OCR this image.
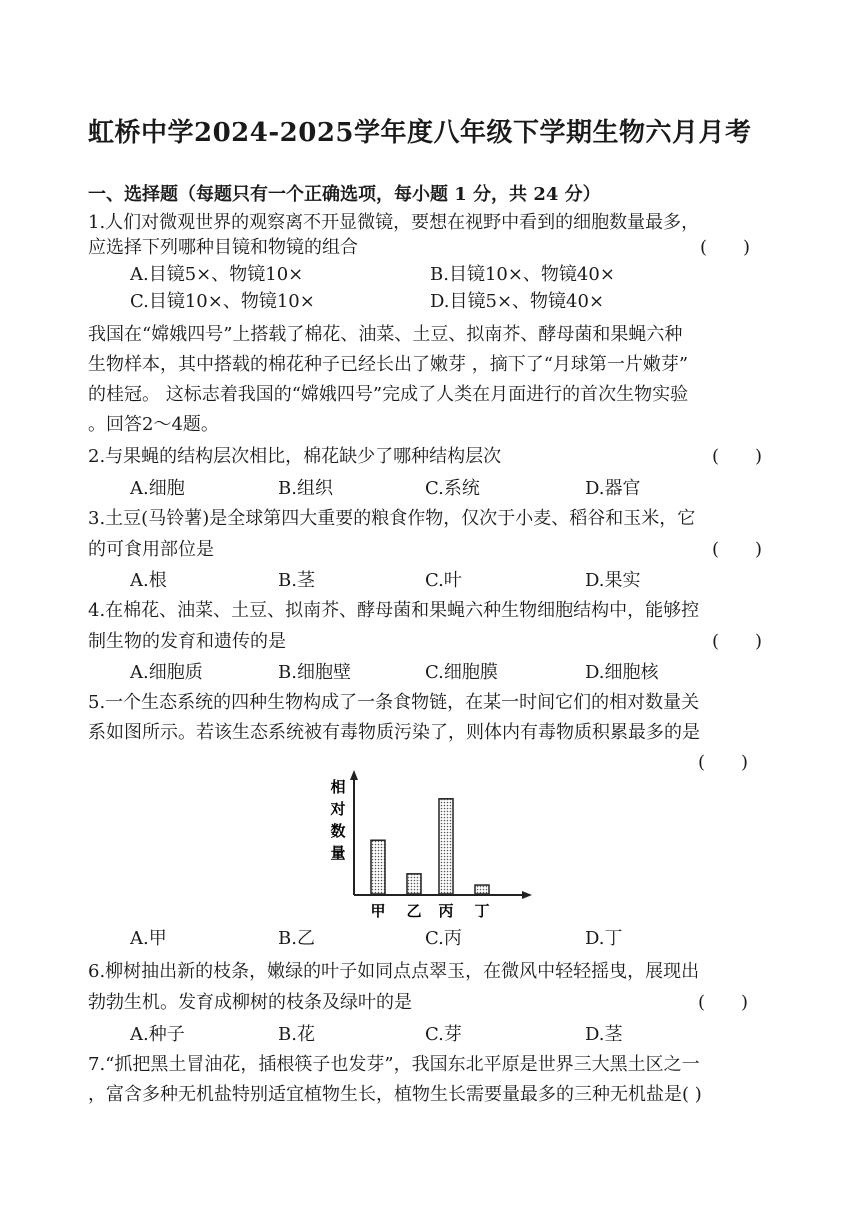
虹桥中学2024-2025学年度八年级下学期生物六月月考
一、选择题（每题只有一个正确选项，每小题 1 分，共 24 分）
1.人们对微观世界的观察离不开显微镜，要想在视野中看到的细胞数量最多，
应选择下列哪种目镜和物镜的组合	(　　)
A.目镜5×、物镜10×	B.目镜10×、物镜40×
C.目镜10×、物镜10×	D.目镜5×、物镜40×
我国在“嫦娥四号”上搭载了棉花、油菜、土豆、拟南芥、酵母菌和果蝇六种
生物样本，其中搭载的棉花种子已经长出了嫩芽 ，摘下了“月球第一片嫩芽”
的桂冠。 这标志着我国的“嫦娥四号”完成了人类在月面进行的首次生物实验
。回答2～4题。
2.与果蝇的结构层次相比，棉花缺少了哪种结构层次	(　　)
A.细胞	B.组织	C.系统	D.器官
3.土豆(马铃薯)是全球第四大重要的粮食作物，仅次于小麦、稻谷和玉米，它
的可食用部位是	(　　)
A.根	B.茎	C.叶	D.果实
4.在棉花、油菜、土豆、拟南芥、酵母菌和果蝇六种生物细胞结构中，能够控
制生物的发育和遗传的是	(　　)
A.细胞质	B.细胞壁	C.细胞膜	D.细胞核
5.一个生态系统的四种生物构成了一条食物链，在某一时间它们的相对数量关
系如图所示。若该生态系统被有毒物质污染了，则体内有毒物质积累最多的是
(　　)
相
对
数
量
甲 乙 丙 丁
A.甲	B.乙	C.丙	D.丁
6.柳树抽出新的枝条，嫩绿的叶子如同点点翠玉，在微风中轻轻摇曳，展现出
勃勃生机。发育成柳树的枝条及绿叶的是	(　　)
A.种子	B.花	C.芽	D.茎
7.“抓把黑土冒油花，插根筷子也发芽”，我国东北平原是世界三大黑土区之一
，富含多种无机盐特别适宜植物生长，植物生长需要量最多的三种无机盐是( )
